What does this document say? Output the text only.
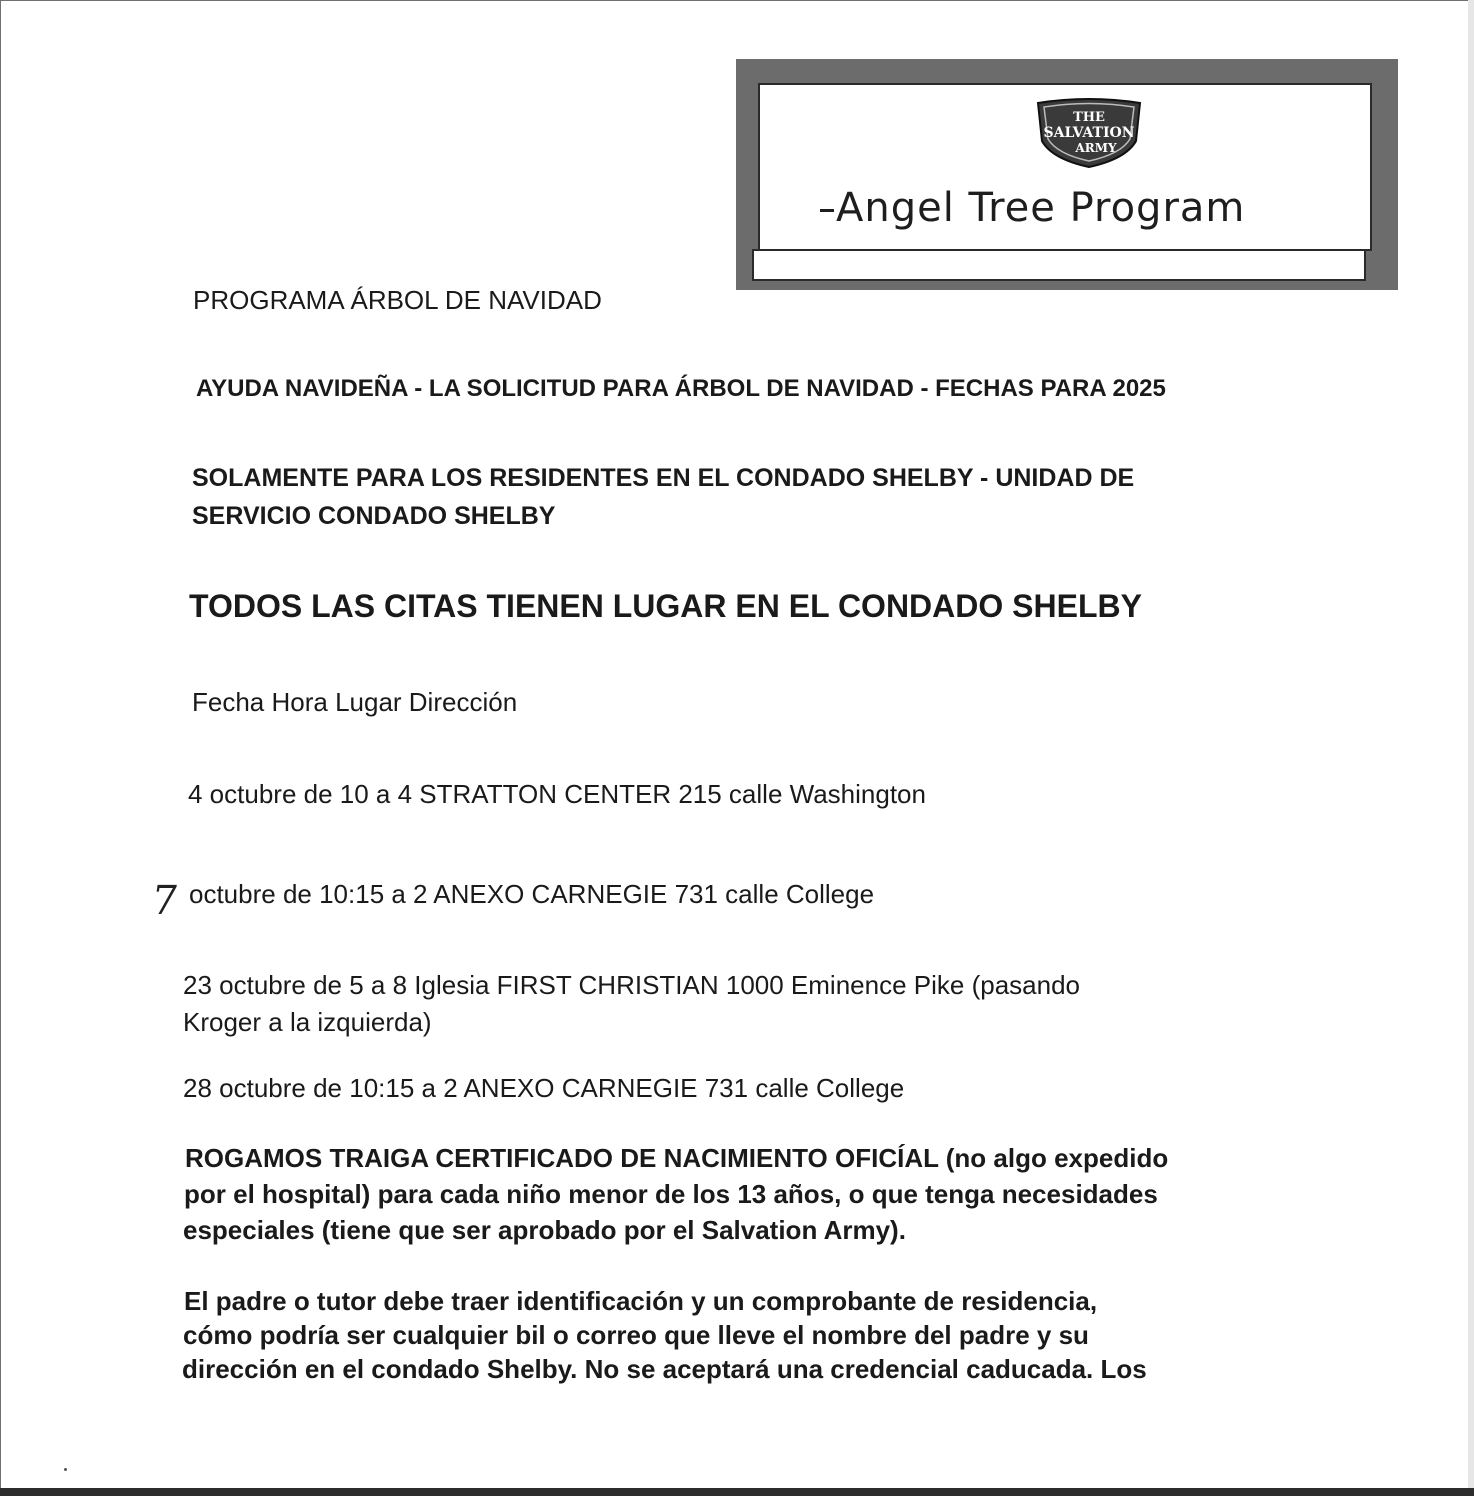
THE
SALVATION
ARMY
Angel Tree Program

PROGRAMA ÁRBOL DE NAVIDAD

AYUDA NAVIDEÑA - LA SOLICITUD PARA ÁRBOL DE NAVIDAD - FECHAS PARA 2025

SOLAMENTE PARA LOS RESIDENTES EN EL CONDADO SHELBY - UNIDAD DE

SERVICIO CONDADO SHELBY

TODOS LAS CITAS TIENEN LUGAR EN EL CONDADO SHELBY

Fecha Hora Lugar Dirección

4 octubre de 10 a 4 STRATTON CENTER 215 calle Washington

7 octubre de 10:15 a 2 ANEXO CARNEGIE 731 calle College

23 octubre de 5 a 8 Iglesia FIRST CHRISTIAN 1000 Eminence Pike (pasando

Kroger a la izquierda)

28 octubre de 10:15 a 2 ANEXO CARNEGIE 731 calle College

ROGAMOS TRAIGA CERTIFICADO DE NACIMIENTO OFICÍAL (no algo expedido

por el hospital) para cada niño menor de los 13 años, o que tenga necesidades

especiales (tiene que ser aprobado por el Salvation Army).

El padre o tutor debe traer identificación y un comprobante de residencia,

cómo podría ser cualquier bil o correo que lleve el nombre del padre y su

dirección en el condado Shelby. No se aceptará una credencial caducada. Los
